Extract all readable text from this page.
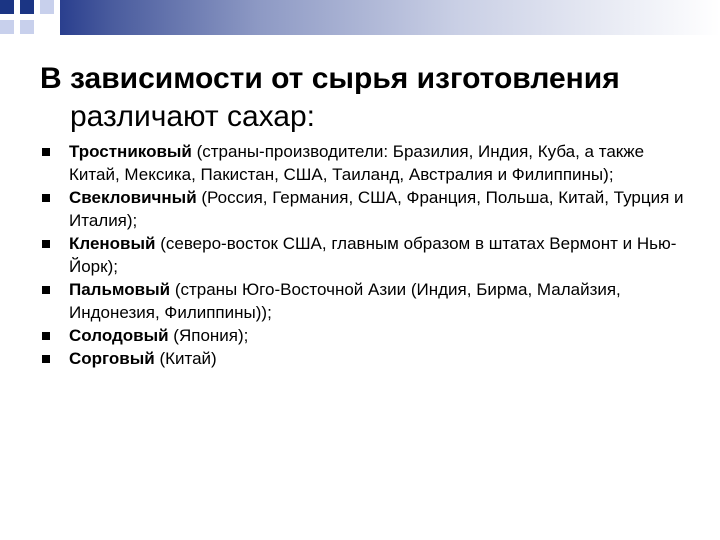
В зависимости от сырья изготовления
различают сахар:
Тростниковый (страны-производители: Бразилия, Индия, Куба, а также Китай, Мексика, Пакистан, США, Таиланд, Австралия и Филиппины);
Свекловичный (Россия, Германия, США, Франция, Польша, Китай, Турция и Италия);
Кленовый (северо-восток США, главным образом в штатах Вермонт и Нью-Йорк);
Пальмовый (страны Юго-Восточной Азии (Индия, Бирма, Малайзия, Индонезия, Филиппины));
Солодовый (Япония);
Сорговый (Китай)
